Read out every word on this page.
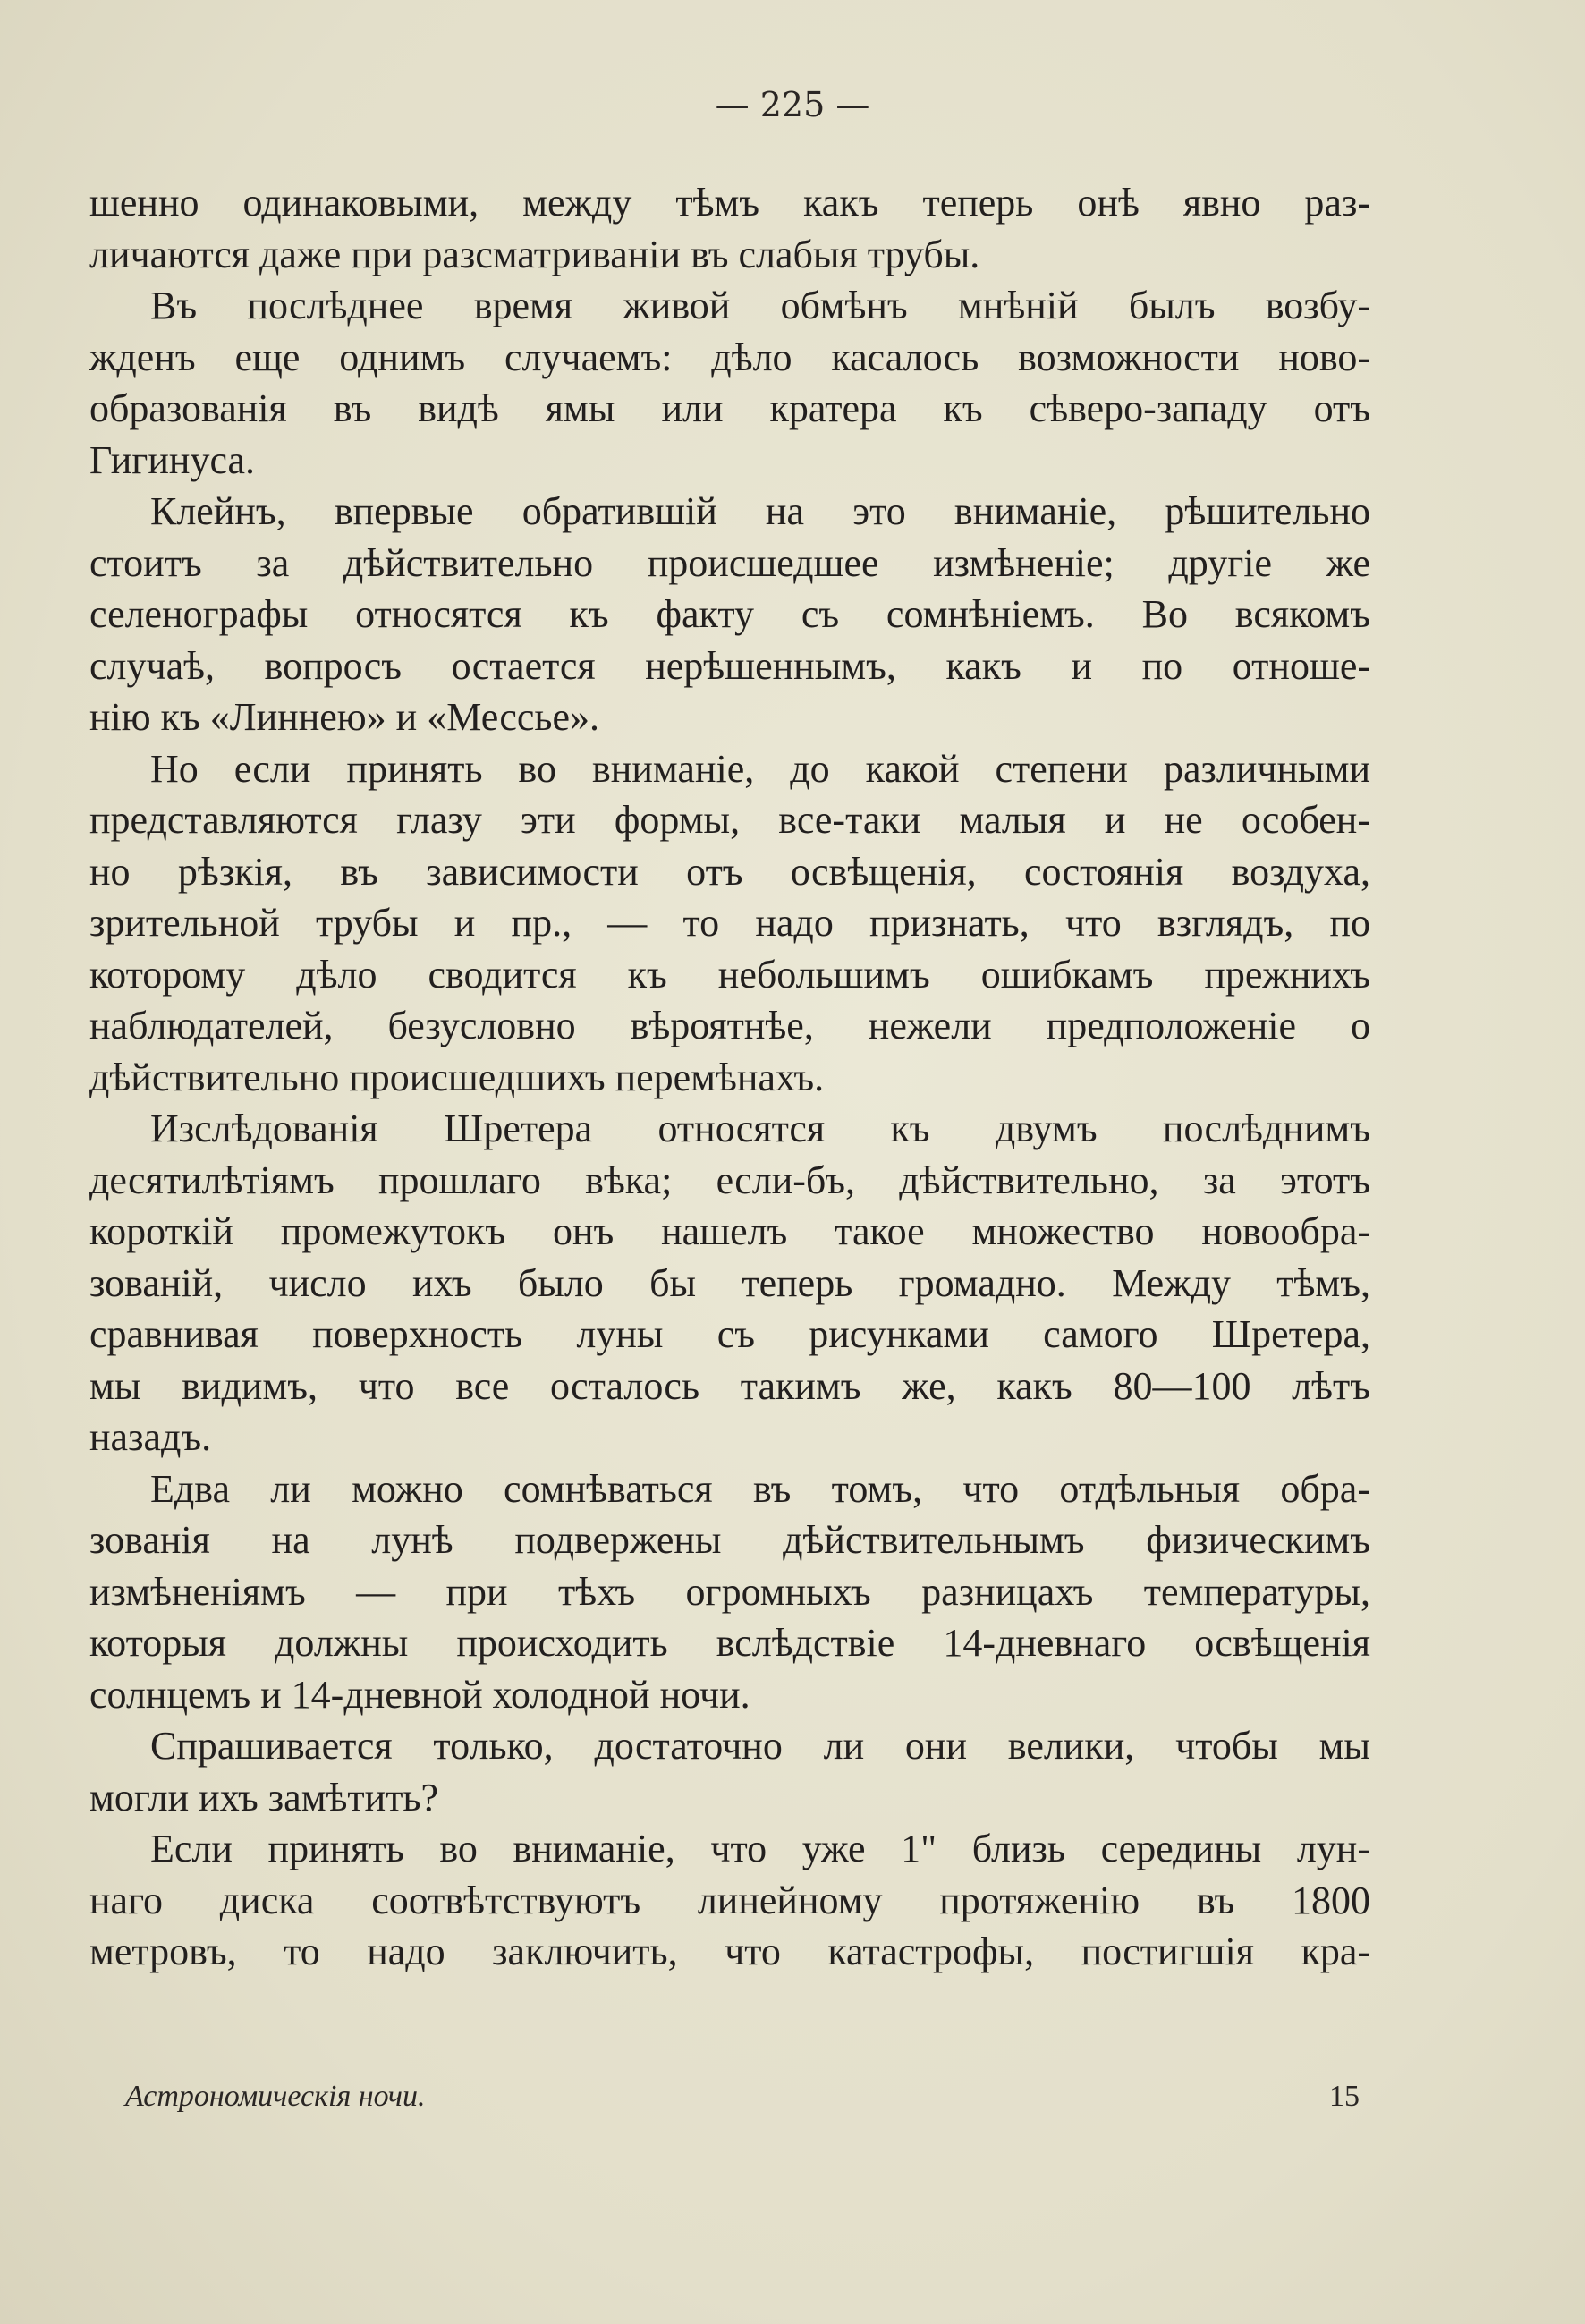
— 225 —
шенно одинаковыми, между тѣмъ какъ теперь онѣ явно раз-
личаются даже при разсматриваніи въ слабыя трубы.
Въ послѣднее время живой обмѣнъ мнѣній былъ возбу-
жденъ еще однимъ случаемъ: дѣло касалось возможности ново-
образованія въ видѣ ямы или кратера къ сѣверо-западу отъ
Гигинуса.
Клейнъ, впервые обратившій на это вниманіе, рѣшительно
стоитъ за дѣйствительно происшедшее измѣненіе; другіе же
селенографы относятся къ факту съ сомнѣніемъ. Во всякомъ
случаѣ, вопросъ остается нерѣшеннымъ, какъ и по отноше-
нію къ «Линнею» и «Мессье».
Но если принять во вниманіе, до какой степени различными
представляются глазу эти формы, все-таки малыя и не особен-
но рѣзкія, въ зависимости отъ освѣщенія, состоянія воздуха,
зрительной трубы и пр., — то надо признать, что взглядъ, по
которому дѣло сводится къ небольшимъ ошибкамъ прежнихъ
наблюдателей, безусловно вѣроятнѣе, нежели предположеніе о
дѣйствительно происшедшихъ перемѣнахъ.
Изслѣдованія Шретера относятся къ двумъ послѣднимъ
десятилѣтіямъ прошлаго вѣка; если-бъ, дѣйствительно, за этотъ
короткій промежутокъ онъ нашелъ такое множество новообра-
зованій, число ихъ было бы теперь громадно. Между тѣмъ,
сравнивая поверхность луны съ рисунками самого Шретера,
мы видимъ, что все осталось такимъ же, какъ 80—100 лѣтъ
назадъ.
Едва ли можно сомнѣваться въ томъ, что отдѣльныя обра-
зованія на лунѣ подвержены дѣйствительнымъ физическимъ
измѣненіямъ — при тѣхъ огромныхъ разницахъ температуры,
которыя должны происходить вслѣдствіе 14-дневнаго освѣщенія
солнцемъ и 14-дневной холодной ночи.
Спрашивается только, достаточно ли они велики, чтобы мы
могли ихъ замѣтить?
Если принять во вниманіе, что уже 1" близь середины лун-
наго диска соотвѣтствуютъ линейному протяженію въ 1800
метровъ, то надо заключить, что катастрофы, постигшія кра-
Астрономическія ночи.	15
